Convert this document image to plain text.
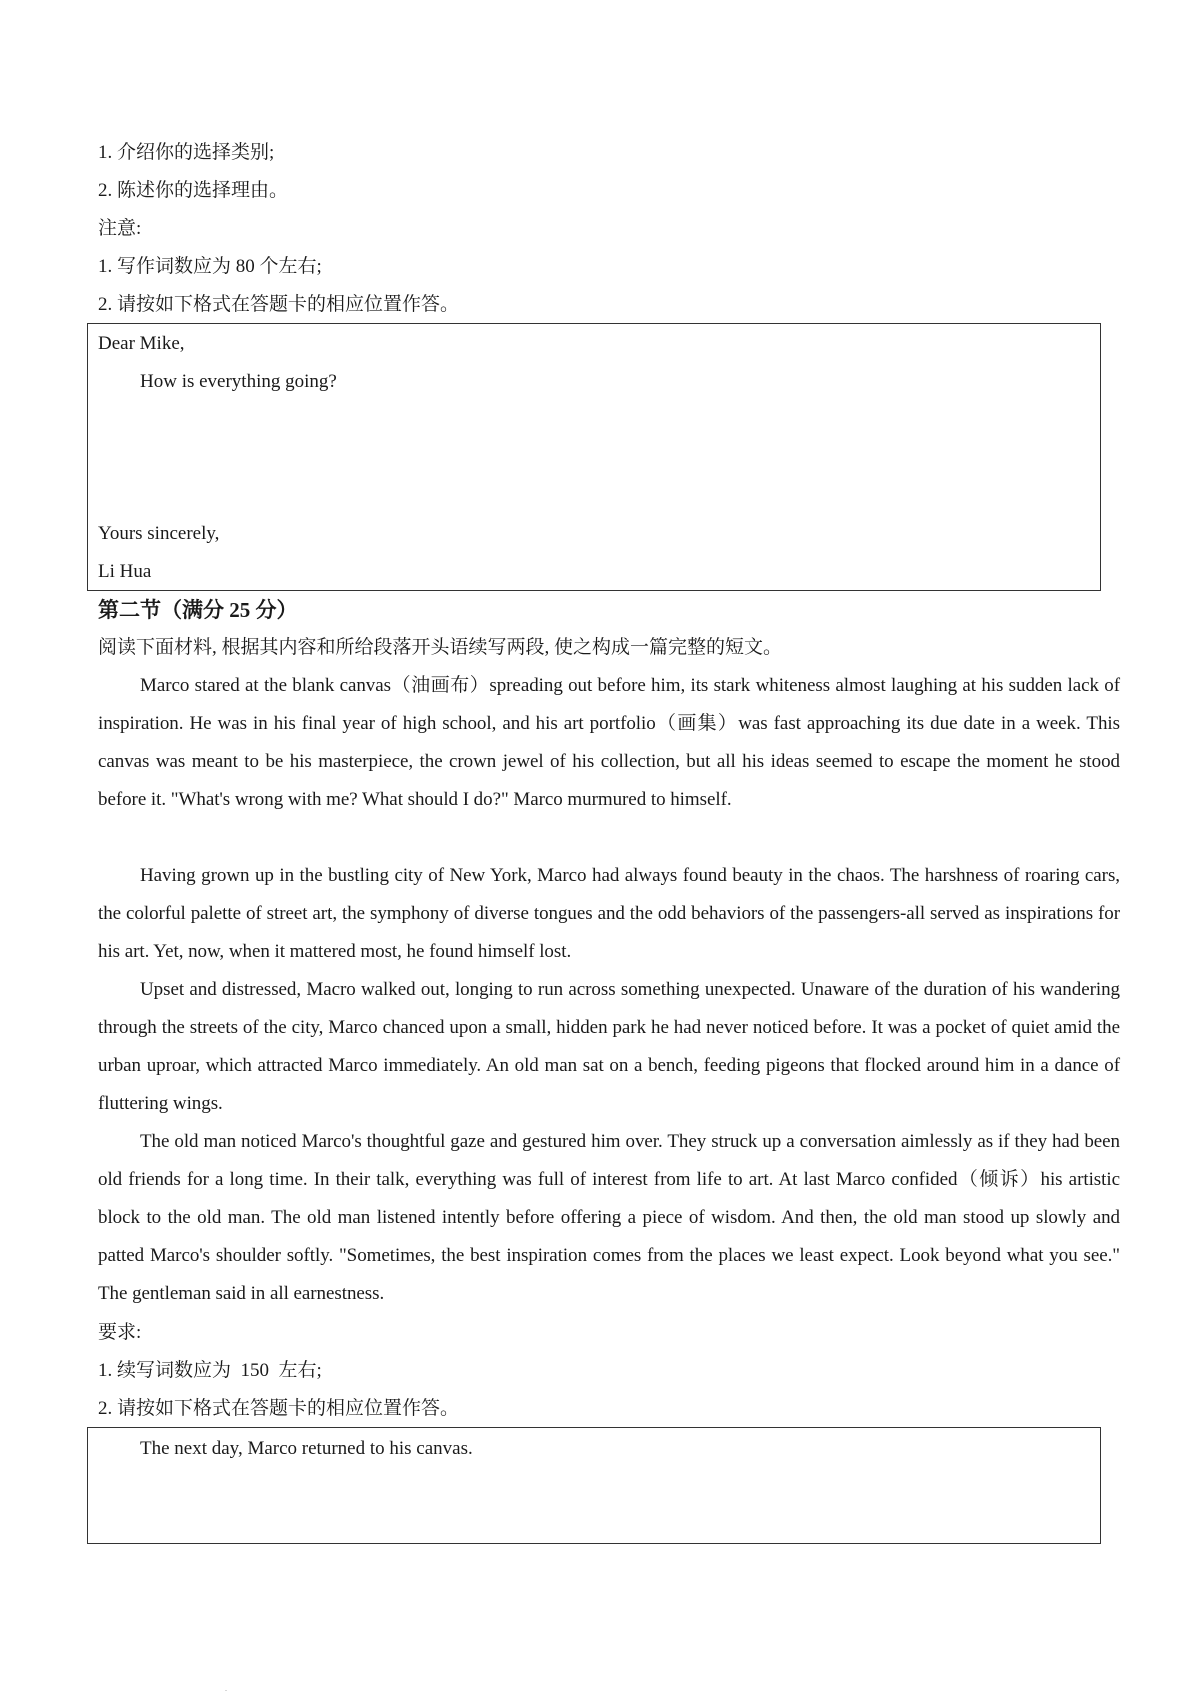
1. 介绍你的选择类别;
2. 陈述你的选择理由。
注意:
1. 写作词数应为 80 个左右;
2. 请按如下格式在答题卡的相应位置作答。
Dear Mike,
How is everything going?
Yours sincerely,
Li Hua
第二节（满分 25 分）
阅读下面材料, 根据其内容和所给段落开头语续写两段, 使之构成一篇完整的短文。
Marco stared at the blank canvas（油画布）spreading out before him, its stark whiteness almost laughing at his sudden lack of inspiration. He was in his final year of high school, and his art portfolio（画集）was fast approaching its due date in a week. This canvas was meant to be his masterpiece, the crown jewel of his collection, but all his ideas seemed to escape the moment he stood before it. "What's wrong with me? What should I do?" Marco murmured to himself.
Having grown up in the bustling city of New York, Marco had always found beauty in the chaos. The harshness of roaring cars, the colorful palette of street art, the symphony of diverse tongues and the odd behaviors of the passengers-all served as inspirations for his art. Yet, now, when it mattered most, he found himself lost.
Upset and distressed, Macro walked out, longing to run across something unexpected. Unaware of the duration of his wandering through the streets of the city, Marco chanced upon a small, hidden park he had never noticed before. It was a pocket of quiet amid the urban uproar, which attracted Marco immediately. An old man sat on a bench, feeding pigeons that flocked around him in a dance of fluttering wings.
The old man noticed Marco's thoughtful gaze and gestured him over. They struck up a conversation aimlessly as if they had been old friends for a long time. In their talk, everything was full of interest from life to art. At last Marco confided（倾诉）his artistic block to the old man. The old man listened intently before offering a piece of wisdom. And then, the old man stood up slowly and patted Marco's shoulder softly. "Sometimes, the best inspiration comes from the places we least expect. Look beyond what you see." The gentleman said in all earnestness.
要求:
1. 续写词数应为  150  左右;
2. 请按如下格式在答题卡的相应位置作答。
The next day, Marco returned to his canvas.
.
